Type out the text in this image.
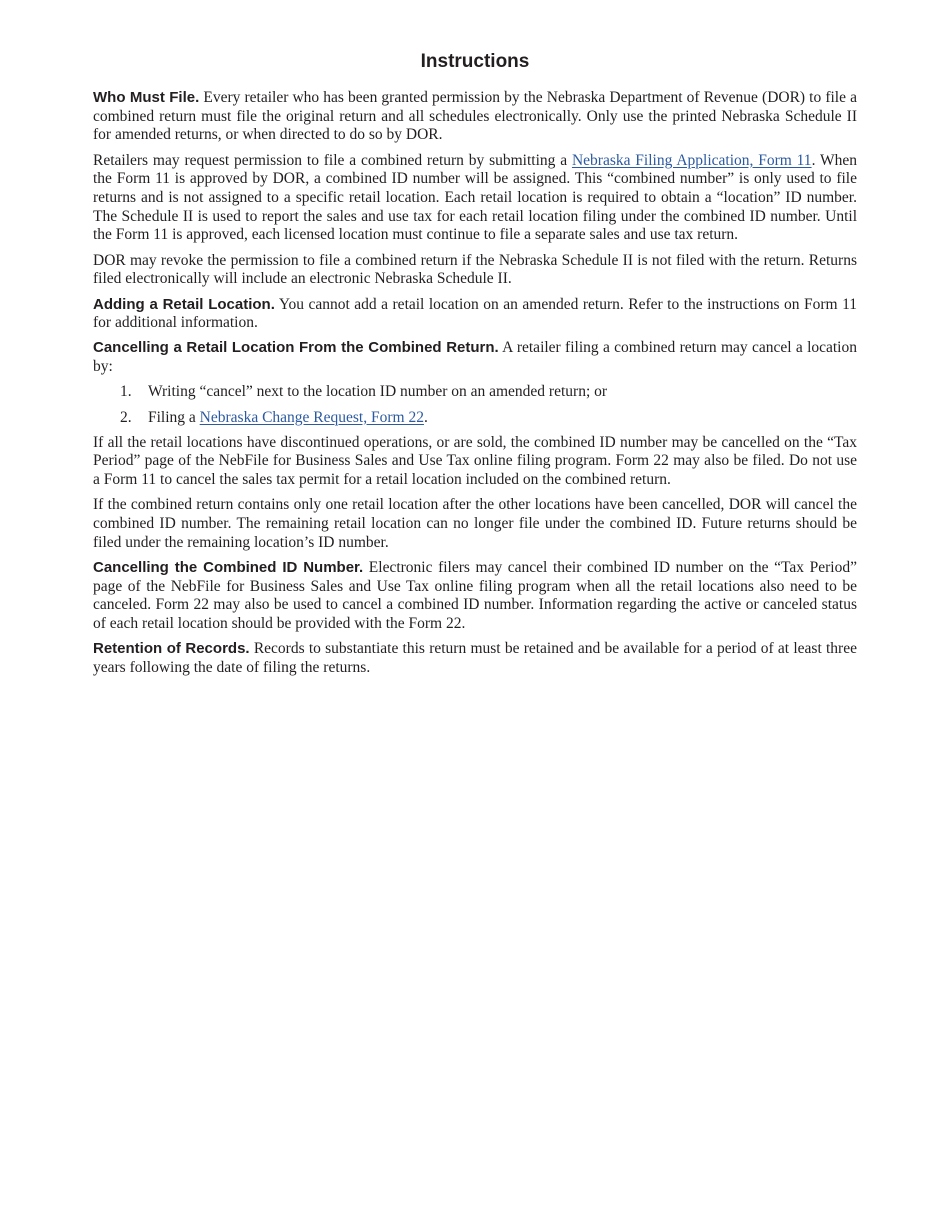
Instructions

Who Must File. Every retailer who has been granted permission by the Nebraska Department of Revenue (DOR) to file a combined return must file the original return and all schedules electronically. Only use the printed Nebraska Schedule II for amended returns, or when directed to do so by DOR.

Retailers may request permission to file a combined return by submitting a Nebraska Filing Application, Form 11. When the Form 11 is approved by DOR, a combined ID number will be assigned. This “combined number” is only used to file returns and is not assigned to a specific retail location. Each retail location is required to obtain a “location” ID number. The Schedule II is used to report the sales and use tax for each retail location filing under the combined ID number. Until the Form 11 is approved, each licensed location must continue to file a separate sales and use tax return.

DOR may revoke the permission to file a combined return if the Nebraska Schedule II is not filed with the return. Returns filed electronically will include an electronic Nebraska Schedule II.

Adding a Retail Location. You cannot add a retail location on an amended return. Refer to the instructions on Form 11 for additional information.

Cancelling a Retail Location From the Combined Return. A retailer filing a combined return may cancel a location by:

1. Writing “cancel” next to the location ID number on an amended return; or
2. Filing a Nebraska Change Request, Form 22.

If all the retail locations have discontinued operations, or are sold, the combined ID number may be cancelled on the “Tax Period” page of the NebFile for Business Sales and Use Tax online filing program. Form 22 may also be filed. Do not use a Form 11 to cancel the sales tax permit for a retail location included on the combined return.

If the combined return contains only one retail location after the other locations have been cancelled, DOR will cancel the combined ID number. The remaining retail location can no longer file under the combined ID. Future returns should be filed under the remaining location’s ID number.

Cancelling the Combined ID Number. Electronic filers may cancel their combined ID number on the “Tax Period” page of the NebFile for Business Sales and Use Tax online filing program when all the retail locations also need to be canceled. Form 22 may also be used to cancel a combined ID number. Information regarding the active or canceled status of each retail location should be provided with the Form 22.

Retention of Records. Records to substantiate this return must be retained and be available for a period of at least three years following the date of filing the returns.
